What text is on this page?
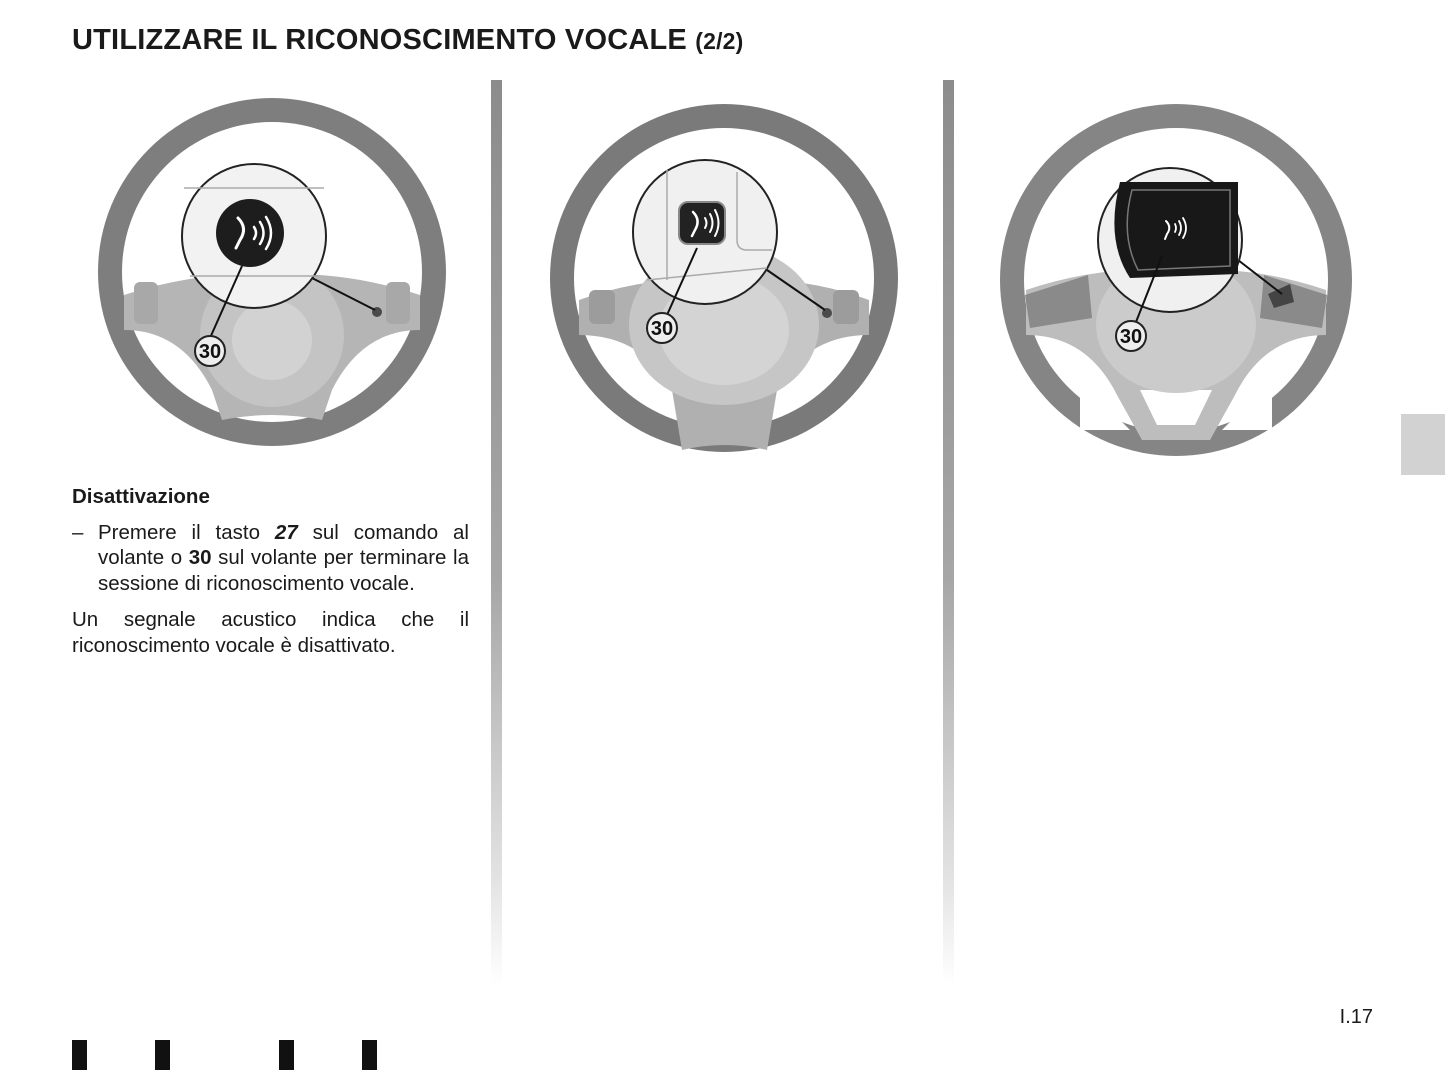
UTILIZZARE IL RICONOSCIMENTO VOCALE (2/2)
30
30	30

Disattivazione

– Premere il tasto 27 sul comando al volante o 30 sul volante per terminare la sessione di riconoscimento vocale.

Un segnale acustico indica che il riconoscimento vocale è disattivato.

I.17
